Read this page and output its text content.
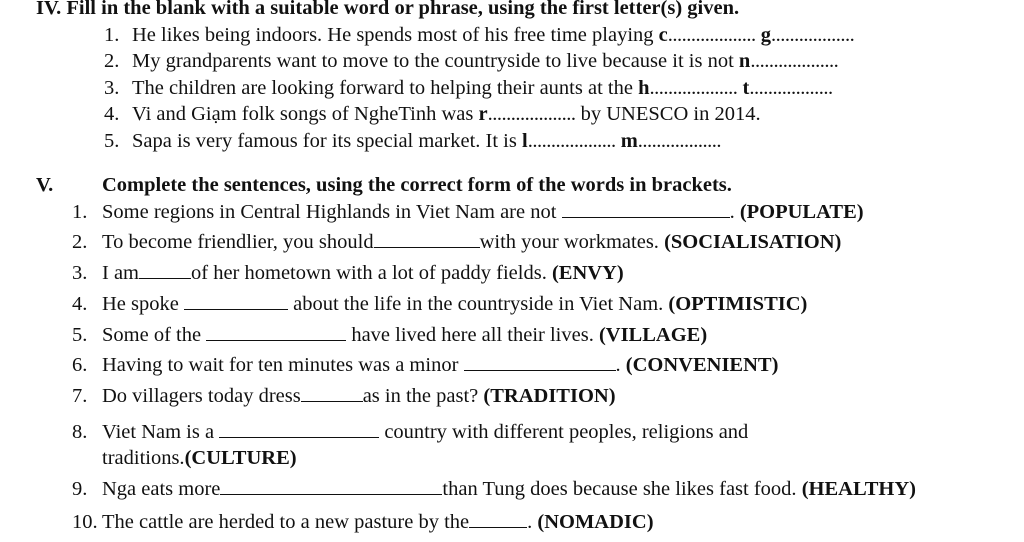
IV. Fill in the blank with a suitable word or phrase, using the first letter(s) given.
1. He likes being indoors. He spends most of his free time playing c................... g..................
2. My grandparents want to move to the countryside to live because it is not n...................
3. The children are looking forward to helping their aunts at the h................... t..................
4. Vi and Giạm folk songs of NgheTinh was r................... by UNESCO in 2014.
5. Sapa is very famous for its special market. It is l................... m..................
V. Complete the sentences, using the correct form of the words in brackets.
1. Some regions in Central Highlands in Viet Nam are not	. (POPULATE)
2. To become friendlier, you should	with your workmates. (SOCIALISATION)
3. I am	of her hometown with a lot of paddy fields. (ENVY)
4. He spoke	about the life in the countryside in Viet Nam. (OPTIMISTIC)
5. Some of the	have lived here all their lives. (VILLAGE)
6. Having to wait for ten minutes was a minor	. (CONVENIENT)
7. Do villagers today dress	as in the past? (TRADITION)
8. Viet Nam is a	country with different peoples, religions and
traditions.(CULTURE)
9. Nga eats more	than Tung does because she likes fast food. (HEALTHY)
10. The cattle are herded to a new pasture by the	. (NOMADIC)
